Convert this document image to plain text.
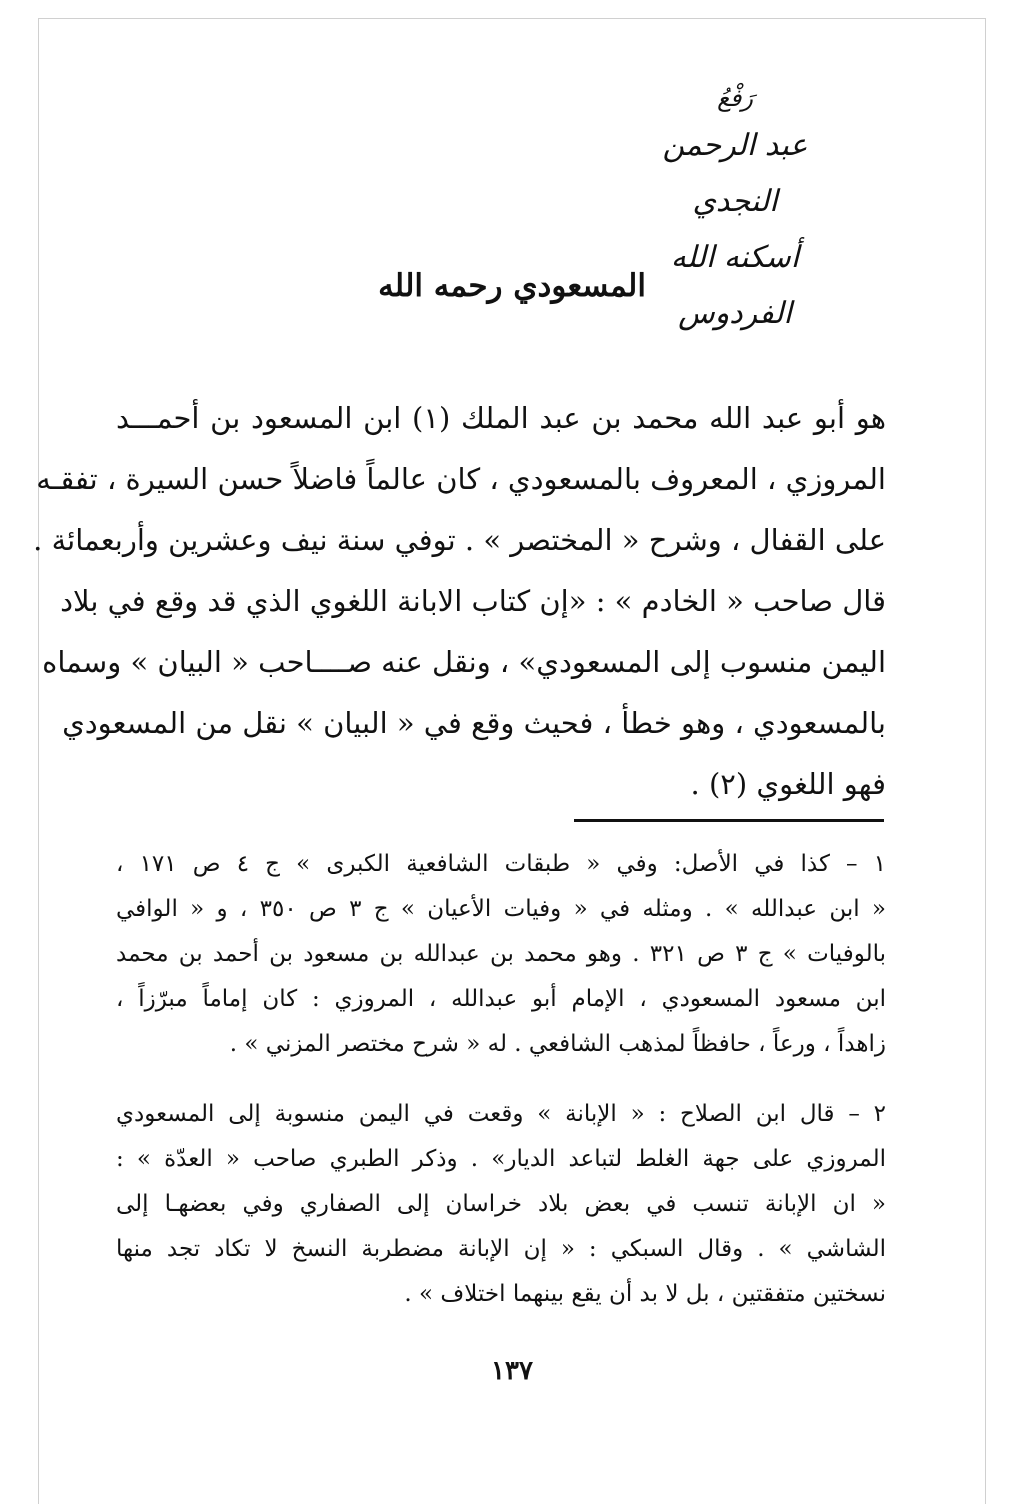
رَفْعُ
عبد الرحمن النجدي
أسكنه الله الفردوس
المسعودي رحمه الله
هو أبو عبد الله محمد بن عبد الملك (١) ابن المسعود بن أحمـــد
المروزي ، المعروف بالمسعودي ، كان عالماً فاضلاً حسن السيرة ، تفقـه
على القفال ، وشرح « المختصر » . توفي سنة نيف وعشرين وأربعمائة .
قال صاحب « الخادم » : «إن كتاب الابانة اللغوي الذي قد وقع في بلاد
اليمن منسوب إلى المسعودي» ، ونقل عنه صــــاحب « البيان » وسماه
بالمسعودي ، وهو خطأ ، فحيث وقع في « البيان » نقل من المسعودي
فهو اللغوي (٢) .
١ – كذا في الأصل: وفي « طبقات الشافعية الكبرى » ج ٤ ص ١٧١ ،
« ابن عبدالله » . ومثله في « وفيات الأعيان » ج ٣ ص ٣٥٠ ، و « الوافي
بالوفيات » ج ٣ ص ٣٢١ . وهو محمد بن عبدالله بن مسعود بن أحمد بن محمد
ابن مسعود المسعودي ، الإمام أبو عبدالله ، المروزي : كان إماماً مبرّزاً ،
زاهداً ، ورعاً ، حافظاً لمذهب الشافعي . له « شرح مختصر المزني » .
٢ – قال ابن الصلاح : « الإبانة » وقعت في اليمن منسوبة إلى المسعودي
المروزي على جهة الغلط لتباعد الديار» . وذكر الطبري صاحب « العدّة » :
« ان الإبانة تنسب في بعض بلاد خراسان إلى الصفاري وفي بعضهـا إلى
الشاشي » . وقال السبكي : « إن الإبانة مضطربة النسخ لا تكاد تجد منها
نسختين متفقتين ، بل لا بد أن يقع بينهما اختلاف » .
١٣٧
